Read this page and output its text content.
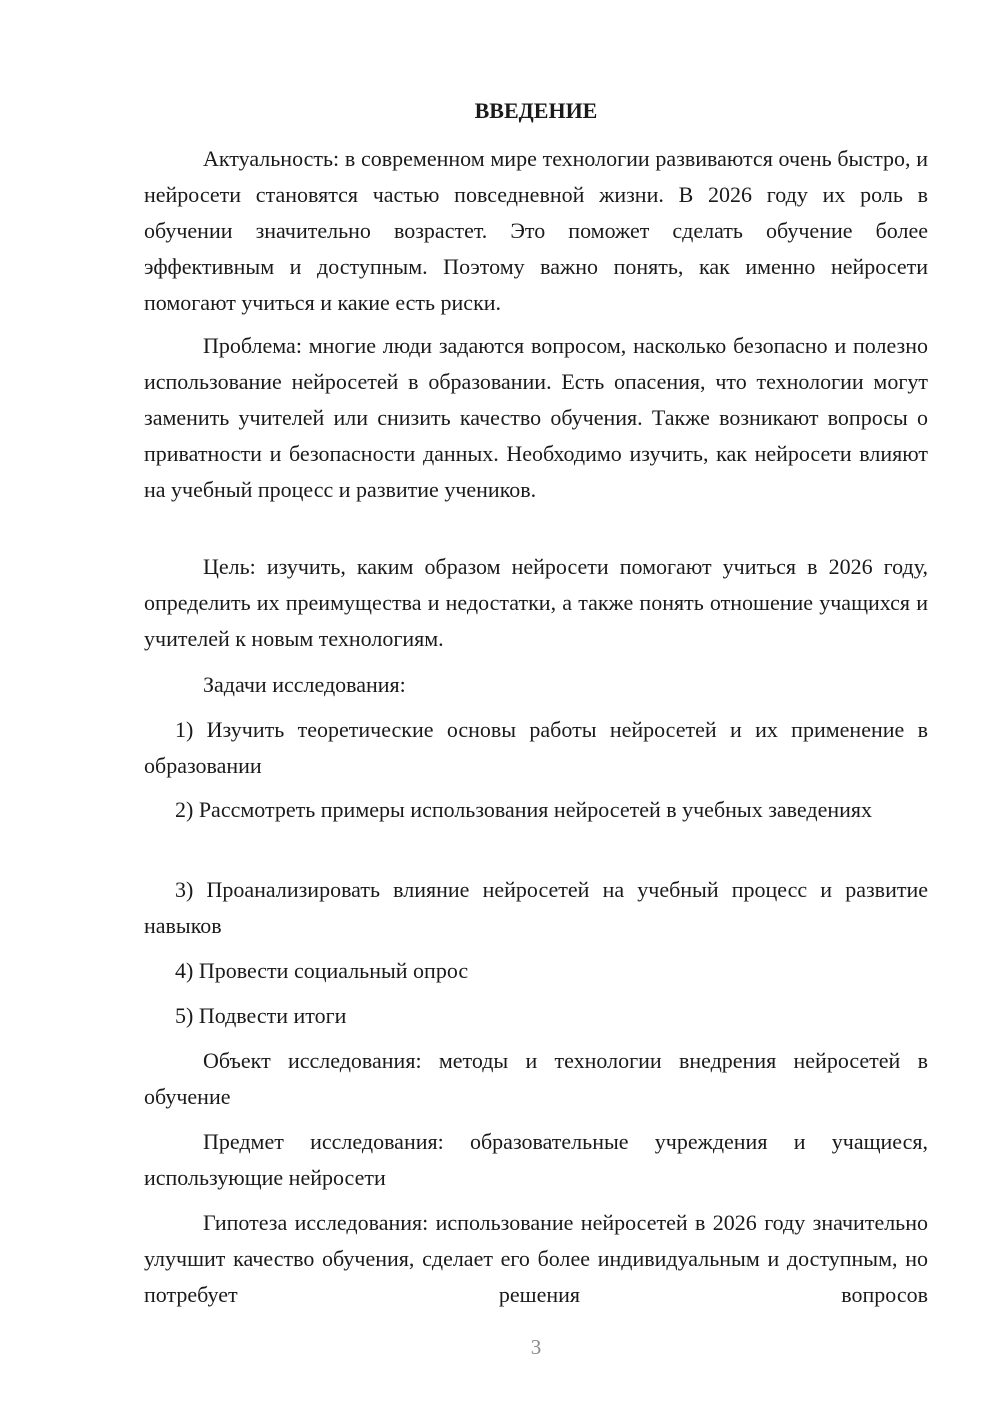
ВВЕДЕНИЕ

Актуальность: в современном мире технологии развиваются очень быстро, и нейросети становятся частью повседневной жизни. В 2026 году их роль в обучении значительно возрастет. Это поможет сделать обучение более эффективным и доступным. Поэтому важно понять, как именно нейросети помогают учиться и какие есть риски.

Проблема: многие люди задаются вопросом, насколько безопасно и полезно использование нейросетей в образовании. Есть опасения, что технологии могут заменить учителей или снизить качество обучения. Также возникают вопросы о приватности и безопасности данных. Необходимо изучить, как нейросети влияют на учебный процесс и развитие учеников.

Цель: изучить, каким образом нейросети помогают учиться в 2026 году, определить их преимущества и недостатки, а также понять отношение учащихся и учителей к новым технологиям.

Задачи исследования:

1) Изучить теоретические основы работы нейросетей и их применение в образовании

2) Рассмотреть примеры использования нейросетей в учебных заведениях

3) Проанализировать влияние нейросетей на учебный процесс и развитие навыков

4) Провести социальный опрос

5) Подвести итоги

Объект исследования: методы и технологии внедрения нейросетей в обучение

Предмет исследования: образовательные учреждения и учащиеся, использующие нейросети

Гипотеза исследования: использование нейросетей в 2026 году значительно улучшит качество обучения, сделает его более индивидуальным и доступным, но потребует решения вопросов

3
